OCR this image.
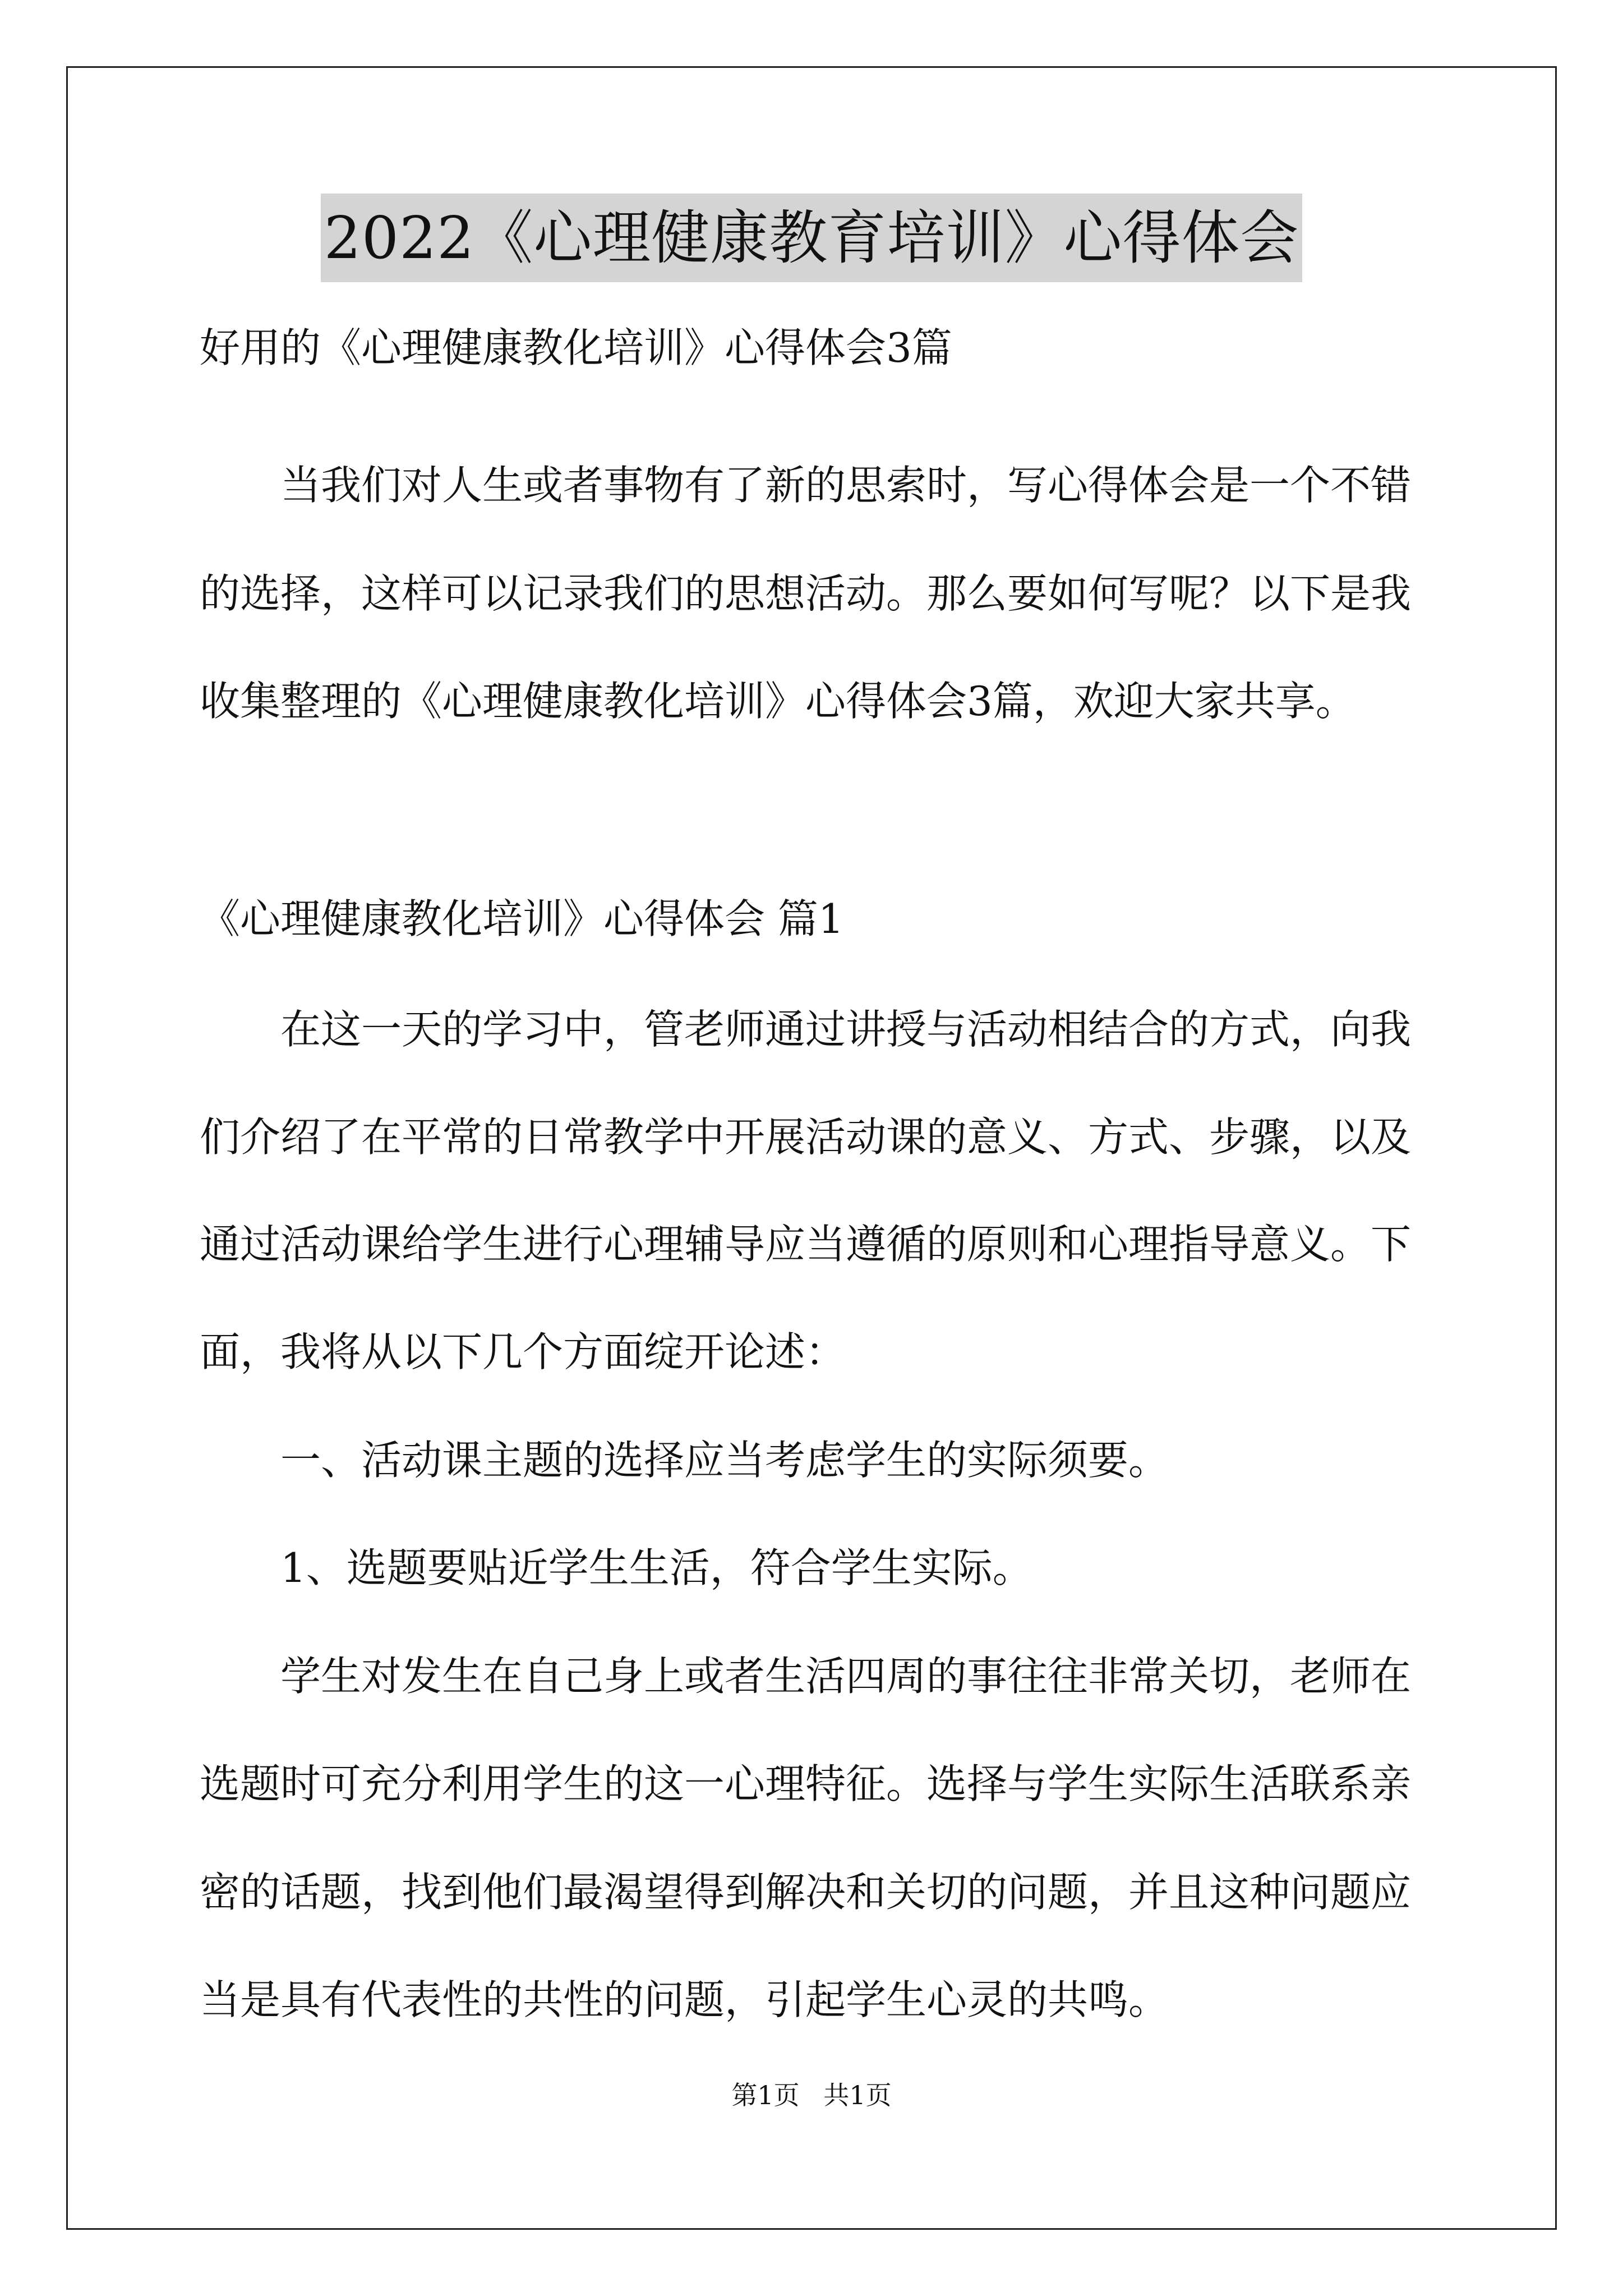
2022《心理健康教育培训》心得体会

好用的《心理健康教化培训》心得体会3篇

当我们对人生或者事物有了新的思索时，写心得体会是一个不错

的选择，这样可以记录我们的思想活动。那么要如何写呢？以下是我

收集整理的《心理健康教化培训》心得体会3篇，欢迎大家共享。

《心理健康教化培训》心得体会 篇1

在这一天的学习中，管老师通过讲授与活动相结合的方式，向我

们介绍了在平常的日常教学中开展活动课的意义、方式、步骤，以及

通过活动课给学生进行心理辅导应当遵循的原则和心理指导意义。下

面，我将从以下几个方面绽开论述：

一、活动课主题的选择应当考虑学生的实际须要。

1、选题要贴近学生生活，符合学生实际。

学生对发生在自己身上或者生活四周的事往往非常关切，老师在

选题时可充分利用学生的这一心理特征。选择与学生实际生活联系亲

密的话题，找到他们最渴望得到解决和关切的问题，并且这种问题应

当是具有代表性的共性的问题，引起学生心灵的共鸣。

第1页 共1页
